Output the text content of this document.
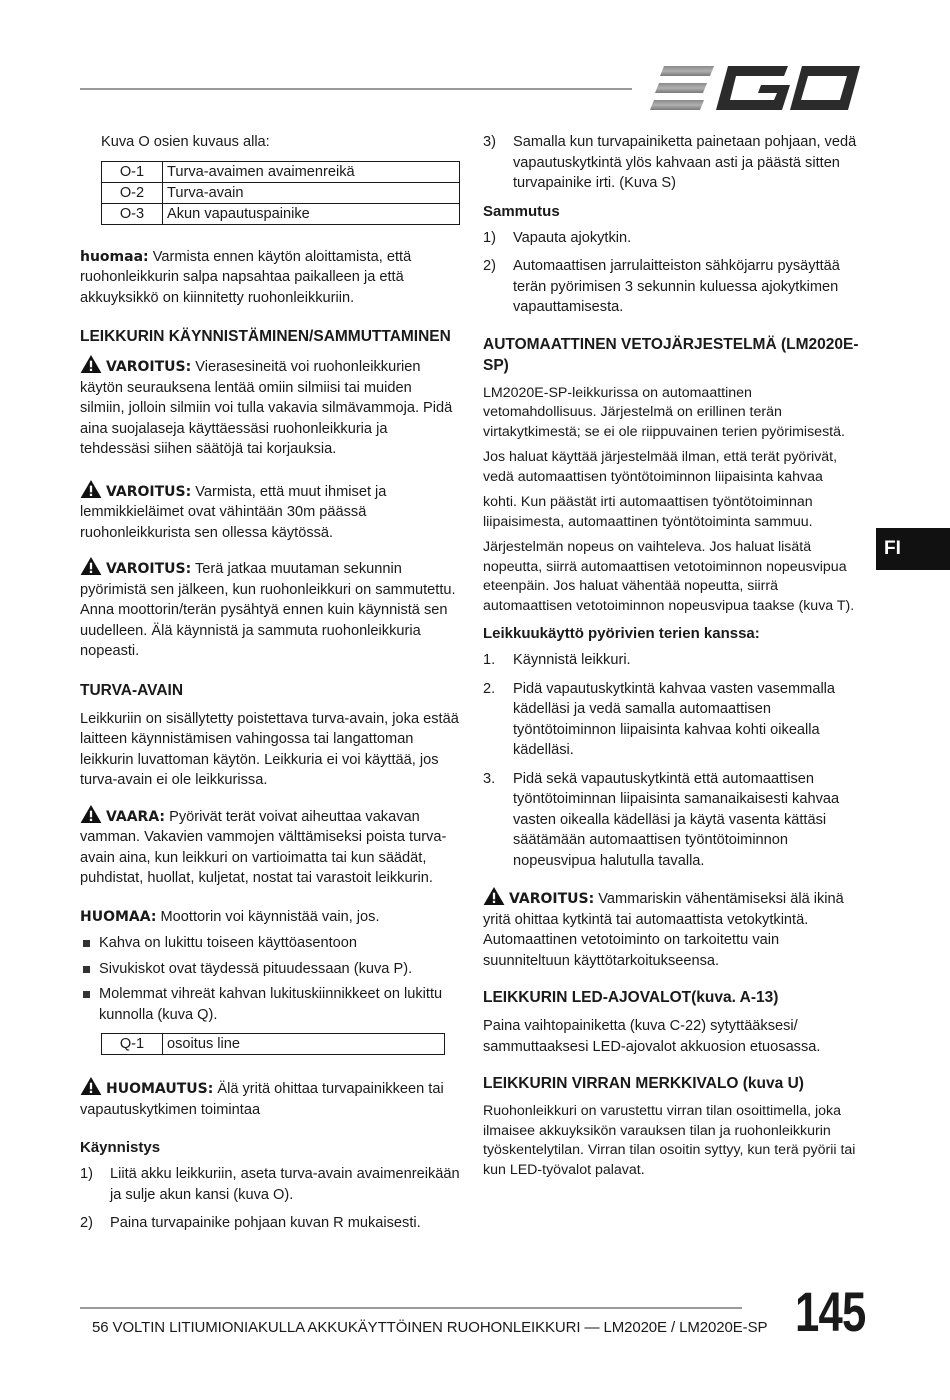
FI

Kuva O osien kuvaus alla:

O-1	Turva-avaimen avaimenreikä
O-2	Turva-avain
O-3	Akun vapautuspainike

huomaa: Varmista ennen käytön aloittamista, että ruohonleikkurin salpa napsahtaa paikalleen ja että akkuyksikkö on kiinnitetty ruohonleikkuriin.

LEIKKURIN KÄYNNISTÄMINEN/SAMMUTTAMINEN

VAROITUS: Vierasesineitä voi ruohonleikkurien käytön seurauksena lentää omiin silmiisi tai muiden silmiin, jolloin silmiin voi tulla vakavia silmävammoja. Pidä aina suojalaseja käyttäessäsi ruohonleikkuria ja tehdessäsi siihen säätöjä tai korjauksia.

VAROITUS: Varmista, että muut ihmiset ja lemmikkieläimet ovat vähintään 30m päässä ruohonleikkurista sen ollessa käytössä.

VAROITUS: Terä jatkaa muutaman sekunnin pyörimistä sen jälkeen, kun ruohonleikkuri on sammutettu. Anna moottorin/terän pysähtyä ennen kuin käynnistä sen uudelleen. Älä käynnistä ja sammuta ruohonleikkuria nopeasti.

TURVA-AVAIN

Leikkuriin on sisällytetty poistettava turva-avain, joka estää laitteen käynnistämisen vahingossa tai langattoman leikkurin luvattoman käytön. Leikkuria ei voi käyttää, jos turva-avain ei ole leikkurissa.

VAARA: Pyörivät terät voivat aiheuttaa vakavan vamman. Vakavien vammojen välttämiseksi poista turva-avain aina, kun leikkuri on vartioimatta tai kun säädät, puhdistat, huollat, kuljetat, nostat tai varastoit leikkurin.

HUOMAA: Moottorin voi käynnistää vain, jos.

Kahva on lukittu toiseen käyttöasentoon
Sivukiskot ovat täydessä pituudessaan (kuva P).
Molemmat vihreät kahvan lukituskiinnikkeet on lukittu kunnolla (kuva Q).
Q-1	osoitus line

HUOMAUTUS: Älä yritä ohittaa turvapainikkeen tai vapautuskytkimen toimintaa

Käynnistys
1) Liitä akku leikkuriin, aseta turva-avain avaimenreikään ja sulje akun kansi (kuva O).
2) Paina turvapainike pohjaan kuvan R mukaisesti.
3) Samalla kun turvapainiketta painetaan pohjaan, vedä vapautuskytkintä ylös kahvaan asti ja päästä sitten turvapainike irti. (Kuva S)
Sammutus
1) Vapauta ajokytkin.
2) Automaattisen jarrulaitteiston sähköjarru pysäyttää terän pyörimisen 3 sekunnin kuluessa ajokytkimen vapauttamisesta.
AUTOMAATTINEN VETOJÄRJESTELMÄ (LM2020E-SP)

LM2020E-SP-leikkurissa on automaattinen vetomahdollisuus. Järjestelmä on erillinen terän virtakytkimestä; se ei ole riippuvainen terien pyörimisestä.

Jos haluat käyttää järjestelmää ilman, että terät pyörivät, vedä automaattisen työntötoiminnon liipaisinta kahvaa

kohti. Kun päästät irti automaattisen työntötoiminnan liipaisimesta, automaattinen työntötoiminta sammuu.

Järjestelmän nopeus on vaihteleva. Jos haluat lisätä nopeutta, siirrä automaattisen vetotoiminnon nopeusvipua eteenpäin. Jos haluat vähentää nopeutta, siirrä automaattisen vetotoiminnon nopeusvipua taakse (kuva T).

Leikkuukäyttö pyörivien terien kanssa:
1. Käynnistä leikkuri.
2. Pidä vapautuskytkintä kahvaa vasten vasemmalla kädelläsi ja vedä samalla automaattisen työntötoiminnon liipaisinta kahvaa kohti oikealla kädelläsi.
3. Pidä sekä vapautuskytkintä että automaattisen työntötoiminnan liipaisinta samanaikaisesti kahvaa vasten oikealla kädelläsi ja käytä vasenta kättäsi säätämään automaattisen työntötoiminnon nopeusvipua halutulla tavalla.

VAROITUS: Vammariskin vähentämiseksi älä ikinä yritä ohittaa kytkintä tai automaattista vetokytkintä. Automaattinen vetotoiminto on tarkoitettu vain suunniteltuun käyttötarkoitukseensa.

LEIKKURIN LED-AJOVALOT(kuva. A-13)

Paina vaihtopainiketta (kuva C-22) sytyttääksesi/ sammuttaaksesi LED-ajovalot akkuosion etuosassa.

LEIKKURIN VIRRAN MERKKIVALO (kuva U)

Ruohonleikkuri on varustettu virran tilan osoittimella, joka ilmaisee akkuyksikön varauksen tilan ja ruohonleikkurin työskentelytilan. Virran tilan osoitin syttyy, kun terä pyörii tai kun LED-työvalot palavat.

56 VOLTIN LITIUMIONIAKULLA AKKUKÄYTTÖINEN RUOHONLEIKKURI — LM2020E / LM2020E-SP 145
